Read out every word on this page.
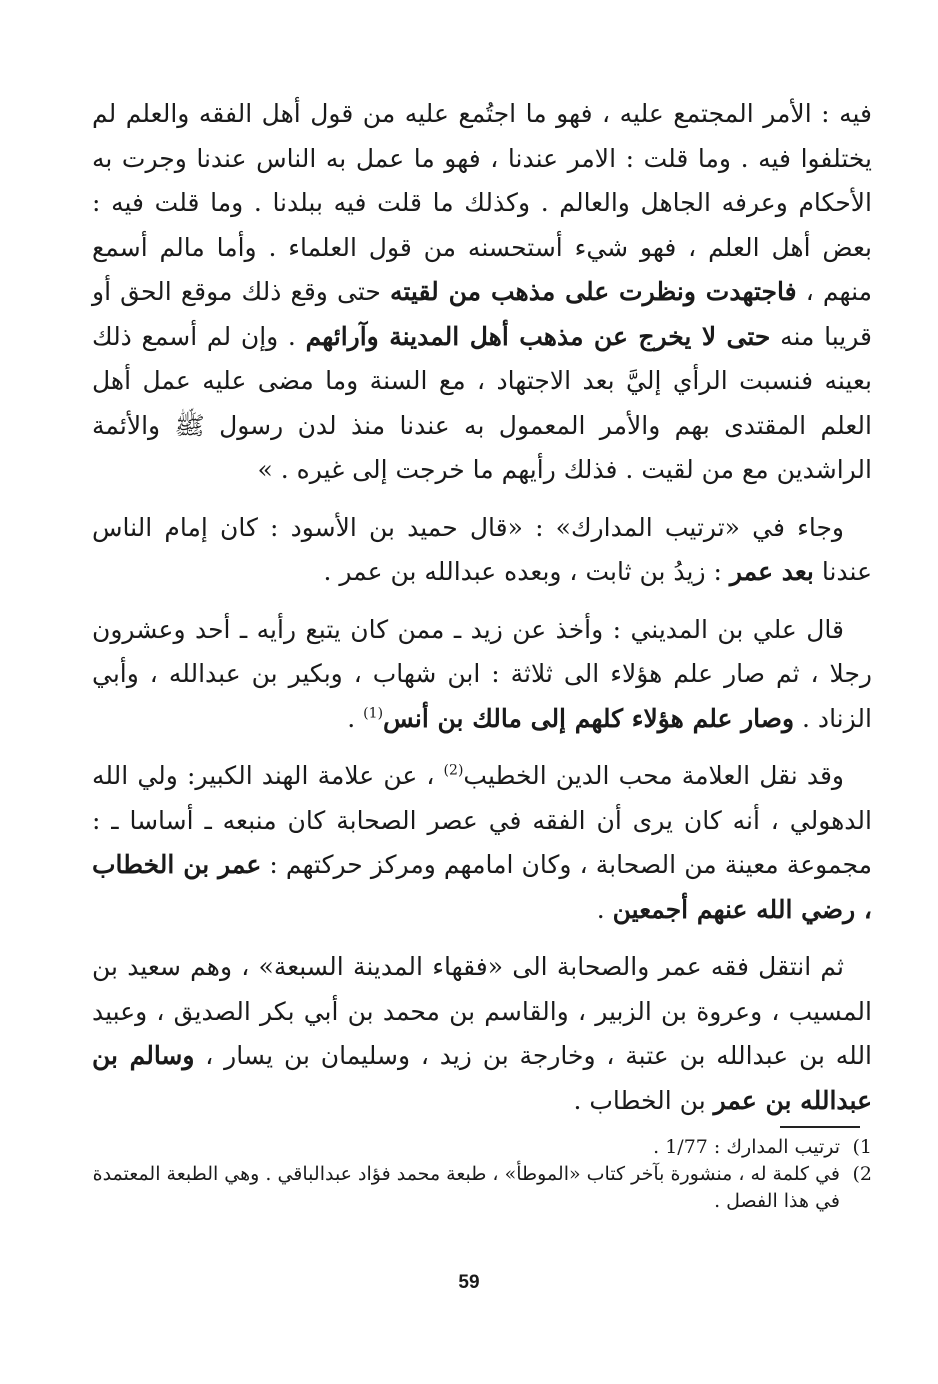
فيه : الأمر المجتمع عليه ، فهو ما اجتُمع عليه من قول أهل الفقه والعلم لم يختلفوا فيه . وما قلت : الامر عندنا ، فهو ما عمل به الناس عندنا وجرت به الأحكام وعرفه الجاهل والعالم . وكذلك ما قلت فيه ببلدنا . وما قلت فيه : بعض أهل العلم ، فهو شيء أستحسنه من قول العلماء . وأما مالم أسمع منهم ، فاجتهدت ونظرت على مذهب من لقيته حتى وقع ذلك موقع الحق أو قريبا منه حتى لا يخرج عن مذهب أهل المدينة وآرائهم . وإن لم أسمع ذلك بعينه فنسبت الرأي إليَّ بعد الاجتهاد ، مع السنة وما مضى عليه عمل أهل العلم المقتدى بهم والأمر المعمول به عندنا منذ لدن رسول ﷺ والأئمة الراشدين مع من لقيت . فذلك رأيهم ما خرجت إلى غيره . »

وجاء في «ترتيب المدارك» : «قال حميد بن الأسود : كان إمام الناس عندنا بعد عمر : زيدُ بن ثابت ، وبعده عبدالله بن عمر .

قال علي بن المديني : وأخذ عن زيد ـ ممن كان يتبع رأيه ـ أحد وعشرون رجلا ، ثم صار علم هؤلاء الى ثلاثة : ابن شهاب ، وبكير بن عبدالله ، وأبي الزناد . وصار علم هؤلاء كلهم إلى مالك بن أنس$^{(1)}$ .

وقد نقل العلامة محب الدين الخطيب$^{(2)}$ ، عن علامة الهند الكبير: ولي الله الدهولي ، أنه كان يرى أن الفقه في عصر الصحابة كان منبعه ـ أساسا ـ : مجموعة معينة من الصحابة ، وكان امامهم ومركز حركتهم : عمر بن الخطاب ، رضي الله عنهم أجمعين .

ثم انتقل فقه عمر والصحابة الى «فقهاء المدينة السبعة» ، وهم سعيد بن المسيب ، وعروة بن الزبير ، والقاسم بن محمد بن أبي بكر الصديق ، وعبيد الله بن عبدالله بن عتبة ، وخارجة بن زيد ، وسليمان بن يسار ، وسالم بن عبدالله بن عمر بن الخطاب .

1)
ترتيب المدارك : 1/77 .
2)
في كلمة له ، منشورة بآخر كتاب «الموطأ» ، طبعة محمد فؤاد عبدالباقي . وهي الطبعة المعتمدة في هذا الفصل .
59
